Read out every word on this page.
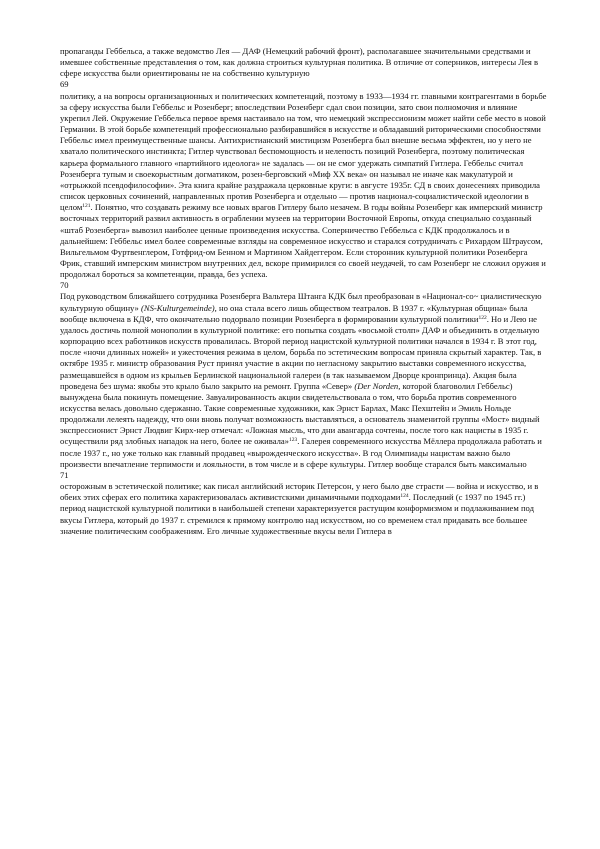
пропаганды Геббельса, а также ведомство Лея — ДАФ (Немецкий рабочий фронт), располагавшее значительными средствами и имевшее собственные представления о том, как должна строиться культурная политика. В отличие от соперников, интересы Лея в сфере искусства были ориентированы не на собственно культурную

69

политику, а на вопросы организационных и политических компетенций, поэтому в 1933—1934 гг. главными контрагентами в борьбе за сферу искусства были Геббельс и Розенберг; впоследствии Розенберг сдал свои позиции, зато свои полномочия и влияние укрепил Лей. Окружение Геббельса первое время настаивало на том, что немецкий экспрессионизм может найти себе место в новой Германии. В этой борьбе компетенций профессионально разбиравшийся в искусстве и обладавший риторическими способностями Геббельс имел преимущественные шансы. Антихристианский мистицизм Розенберга был внешне весьма эффектен, но у него не хватало политического инстинкта; Гитлер чувствовал беспомощность и нелепость позиций Розенберга, поэтому политическая карьера формального главного «партийного идеолога» не задалась — он не смог удержать симпатий Гитлера. Геббельс считал Розенберга тупым и своекорыстным догматиком, розен-берговский «Миф XX века» он называл не иначе как макулатурой и «отрыжкой псевдофилософии». Эта книга крайне раздражала церковные круги: в августе 1935г. СД в своих донесениях приводила список церковных сочинений, направленных против Розенберга и отдельно — против национал-социалистической идеологии в целом$^{121}$. Понятно, что создавать режиму все новых врагов Гитлеру было незачем. В годы войны Розенберг как имперский министр восточных территорий развил активность в ограблении музеев на территории Восточной Европы, откуда специально созданный «штаб Розенберга» вывозил наиболее ценные произведения искусства. Соперничество Геббельса с КДК продолжалось и в дальнейшем: Геббельс имел более современные взгляды на современное искусство и старался сотрудничать с Рихардом Штраусом, Вильгельмом Фуртвенглером, Готфрид-ом Бенном и Мартином Хайдеггером. Если сторонник культурной политики Розенберга Фрик, ставший имперским министром внутренних дел, вскоре примирился со своей неудачей, то сам Розенберг не сложил оружия и продолжал бороться за компетенции, правда, без успеха.

70

Под руководством ближайшего сотрудника Розенберга Вальтера Штанга КДК был преобразован в «Национал-со~ циалистическую культурную общину» (NS-Kulturgemeinde), но она стала всего лишь обществом театралов. В 1937 г. «Культурная община» была вообще включена в КДФ, что окончательно подорвало позиции Розенберга в формировании культурной политики$^{122}$. Но и Лею не удалось достичь полной монополии в культурной политике: его попытка создать «восьмой столп» ДАФ и объединить в отдельную корпорацию всех работников искусств провалилась. Второй период нацистской культурной политики начался в 1934 г. В этот год, после «ночи длинных ножей» и ужесточения режима в целом, борьба по эстетическим вопросам приняла скрытый характер. Так, в октябре 1935 г. министр образования Руст принял участие в акции по негласному закрытию выставки современного искусства, размещавшейся в одном из крыльев Берлинской национальной галереи (в так называемом Дворце кронпринца). Акция была проведена без шума: якобы это крыло было закрыто на ремонт. Группа «Север» (Der Norden, которой благоволил Геббельс) вынуждена была покинуть помещение. Завуалированность акции свидетельствовала о том, что борьба против современного искусства велась довольно сдержанно. Такие современные художники, как Эрнст Барлах, Макс Пехштейн и Эмиль Нольде продолжали лелеять надежду, что они вновь получат возможность выставляться, а основатель знаменитой группы «Мост» видный экспрессионист Эрнст Людвиг Кирх-нер отмечал: «Ложная мысль, что дни авангарда сочтены, после того как нацисты в 1935 г. осуществили ряд злобных нападок на него, более не оживала»$^{123}$. Галерея современного искусства Мёллера продолжала работать и после 1937 г., но уже только как главный продавец «вырожденческого искусства». В год Олимпиады нацистам важно было произвести впечатление терпимости и лояльности, в том числе и в сфере культуры. Гитлер вообще старался быть максимально

71

осторожным в эстетической политике; как писал английский историк Петерсон, у него было две страсти — война и искусство, и в обеих этих сферах его политика характеризовалась активистскими динамичными подходами$^{124}$. Последний (с 1937 по 1945 гг.) период нацистской культурной политики в наибольшей степени характеризуется растущим конформизмом и подлаживанием под вкусы Гитлера, который до 1937 г. стремился к прямому контролю над искусством, но со временем стал придавать все большее значение политическим соображениям. Его личные художественные вкусы вели Гитлера в
